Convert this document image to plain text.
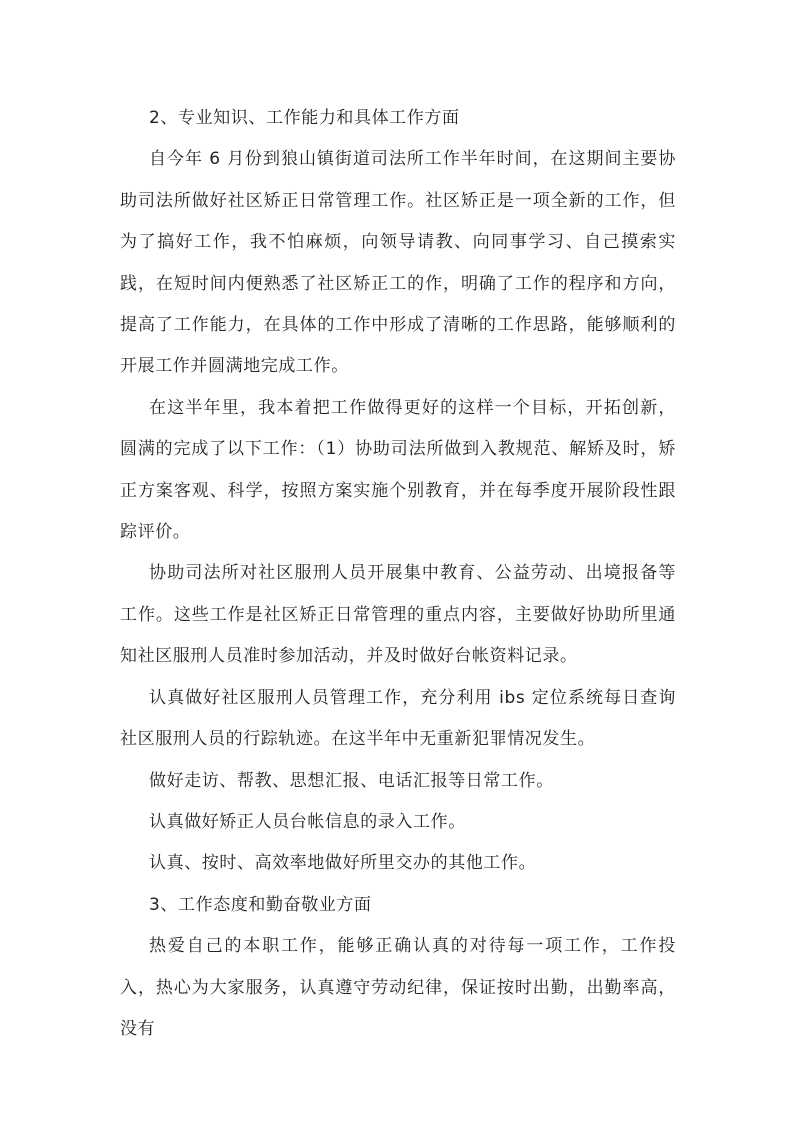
2、专业知识、工作能力和具体工作方面

自今年 6 月份到狼山镇街道司法所工作半年时间，在这期间主要协助司法所做好社区矫正日常管理工作。社区矫正是一项全新的工作，但为了搞好工作，我不怕麻烦，向领导请教、向同事学习、自己摸索实践，在短时间内便熟悉了社区矫正工的作，明确了工作的程序和方向，提高了工作能力，在具体的工作中形成了清晰的工作思路，能够顺利的开展工作并圆满地完成工作。

在这半年里，我本着把工作做得更好的这样一个目标，开拓创新，圆满的完成了以下工作：（1）协助司法所做到入教规范、解矫及时，矫正方案客观、科学，按照方案实施个别教育，并在每季度开展阶段性跟踪评价。

协助司法所对社区服刑人员开展集中教育、公益劳动、出境报备等工作。这些工作是社区矫正日常管理的重点内容，主要做好协助所里通知社区服刑人员准时参加活动，并及时做好台帐资料记录。

认真做好社区服刑人员管理工作，充分利用 ibs 定位系统每日查询社区服刑人员的行踪轨迹。在这半年中无重新犯罪情况发生。

做好走访、帮教、思想汇报、电话汇报等日常工作。

认真做好矫正人员台帐信息的录入工作。

认真、按时、高效率地做好所里交办的其他工作。

3、工作态度和勤奋敬业方面

热爱自己的本职工作，能够正确认真的对待每一项工作，工作投入，热心为大家服务，认真遵守劳动纪律，保证按时出勤，出勤率高，没有
